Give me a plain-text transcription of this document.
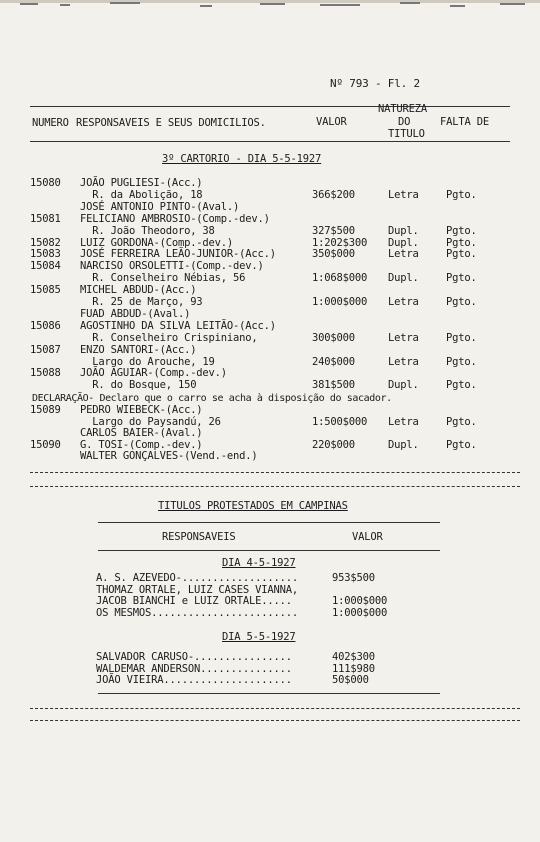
Nº 793 - Fl. 2
NUMERO RESPONSAVEIS E SEUS DOMICILIOS.	VALOR
NATUREZA
DO
TITULO
FALTA DE
3º CARTORIO - DIA 5-5-1927
15080 JOÃO PUGLIESI-(Acc.)
R. da Abolição, 18	366$200	Letra	Pgto.
JOSÉ ANTONIO PINTO-(Aval.)
15081 FELICIANO AMBROSIO-(Comp.-dev.)
R. João Theodoro, 38	327$500	Dupl.	Pgto.
15082 LUIZ GORDONA-(Comp.-dev.)	1:202$300 Dupl.	Pgto.
15083 JOSÉ FERREIRA LEÃO-JUNIOR-(Acc.)	350$000	Letra	Pgto.
15084 NARCISO ORSOLETTI-(Comp.-dev.)
R. Conselheiro Nébias, 56	1:068$000 Dupl.	Pgto.
15085 MICHEL ABDUD-(Acc.)
R. 25 de Março, 93	1:000$000 Letra	Pgto.
FUAD ABDUD-(Aval.)
15086 AGOSTINHO DA SILVA LEITÃO-(Acc.)
R. Conselheiro Crispiniano,	300$000	Letra	Pgto.
15087 ENZO SANTORI-(Acc.)
Largo do Arouche, 19	240$000	Letra	Pgto.
15088 JOÃO AGUIAR-(Comp.-dev.)
R. do Bosque, 150	381$500	Dupl.	Pgto.
DECLARAÇÃO- Declaro que o carro se acha à disposição do sacador.
15089 PEDRO WIEBECK-(Acc.)
Largo do Paysandú, 26	1:500$000 Letra	Pgto.
CARLOS BAIER-(Aval.)
15090 G. TOSI-(Comp.-dev.)	220$000	Dupl.	Pgto.
WALTER GONÇALVES-(Vend.-end.)
TITULOS PROTESTADOS EM CAMPINAS
RESPONSAVEIS	VALOR
DIA 4-5-1927
A. S. AZEVEDO-...................	953$500
THOMAZ ORTALE, LUIZ CASES VIANNA,
JACOB BIANCHI e LUIZ ORTALE.....	1:000$000
OS MESMOS........................	1:000$000
DIA 5-5-1927
SALVADOR CARUSO-................	402$300
WALDEMAR ANDERSON...............	111$980
JOÃO VIEIRA.....................	50$000
